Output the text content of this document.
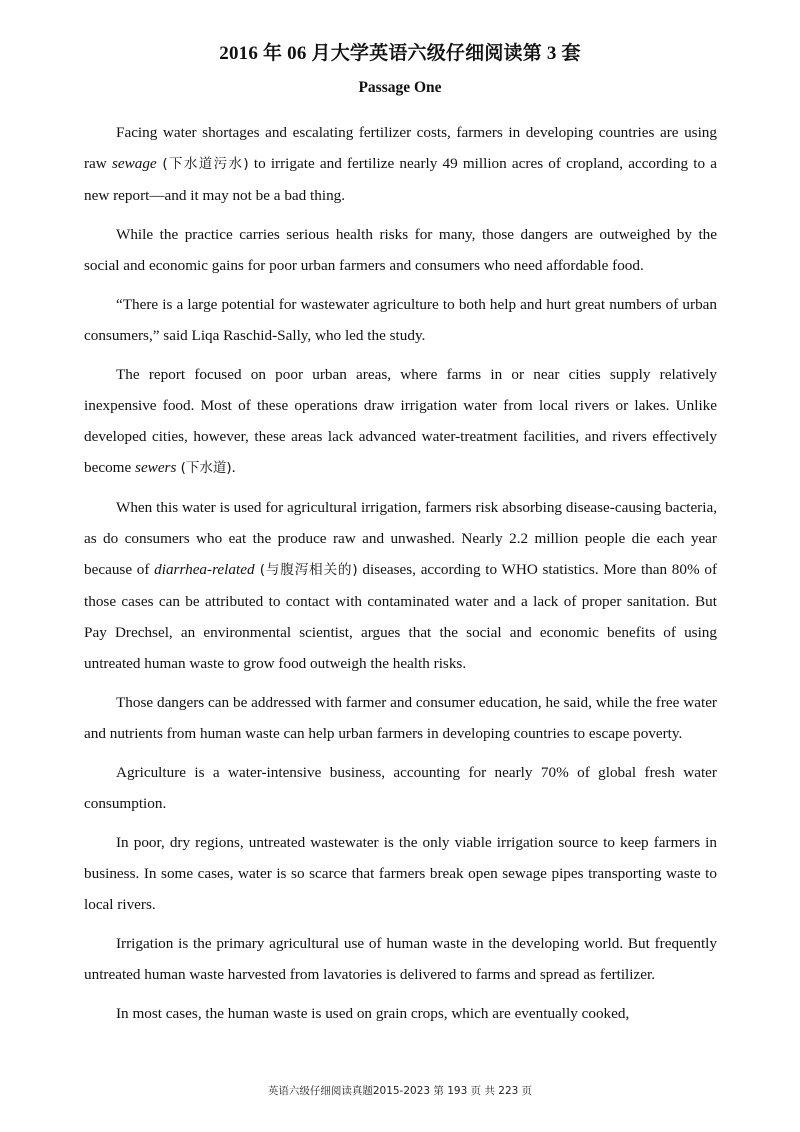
2016 年 06 月大学英语六级仔细阅读第 3 套
Passage One

Facing water shortages and escalating fertilizer costs, farmers in developing countries are using raw sewage (下水道污水) to irrigate and fertilize nearly 49 million acres of cropland, according to a new report—and it may not be a bad thing.

While the practice carries serious health risks for many, those dangers are outweighed by the social and economic gains for poor urban farmers and consumers who need affordable food.

“There is a large potential for wastewater agriculture to both help and hurt great numbers of urban consumers,” said Liqa Raschid-Sally, who led the study.

The report focused on poor urban areas, where farms in or near cities supply relatively inexpensive food. Most of these operations draw irrigation water from local rivers or lakes. Unlike developed cities, however, these areas lack advanced water-treatment facilities, and rivers effectively become sewers (下水道).

When this water is used for agricultural irrigation, farmers risk absorbing disease-causing bacteria, as do consumers who eat the produce raw and unwashed. Nearly 2.2 million people die each year because of diarrhea-related (与腹泻相关的) diseases, according to WHO statistics. More than 80% of those cases can be attributed to contact with contaminated water and a lack of proper sanitation. But Pay Drechsel, an environmental scientist, argues that the social and economic benefits of using untreated human waste to grow food outweigh the health risks.

Those dangers can be addressed with farmer and consumer education, he said, while the free water and nutrients from human waste can help urban farmers in developing countries to escape poverty.

Agriculture is a water-intensive business, accounting for nearly 70% of global fresh water consumption.

In poor, dry regions, untreated wastewater is the only viable irrigation source to keep farmers in business. In some cases, water is so scarce that farmers break open sewage pipes transporting waste to local rivers.

Irrigation is the primary agricultural use of human waste in the developing world. But frequently untreated human waste harvested from lavatories is delivered to farms and spread as fertilizer.

In most cases, the human waste is used on grain crops, which are eventually cooked,

英语六级仔细阅读真题2015-2023 第 193 页 共 223 页
